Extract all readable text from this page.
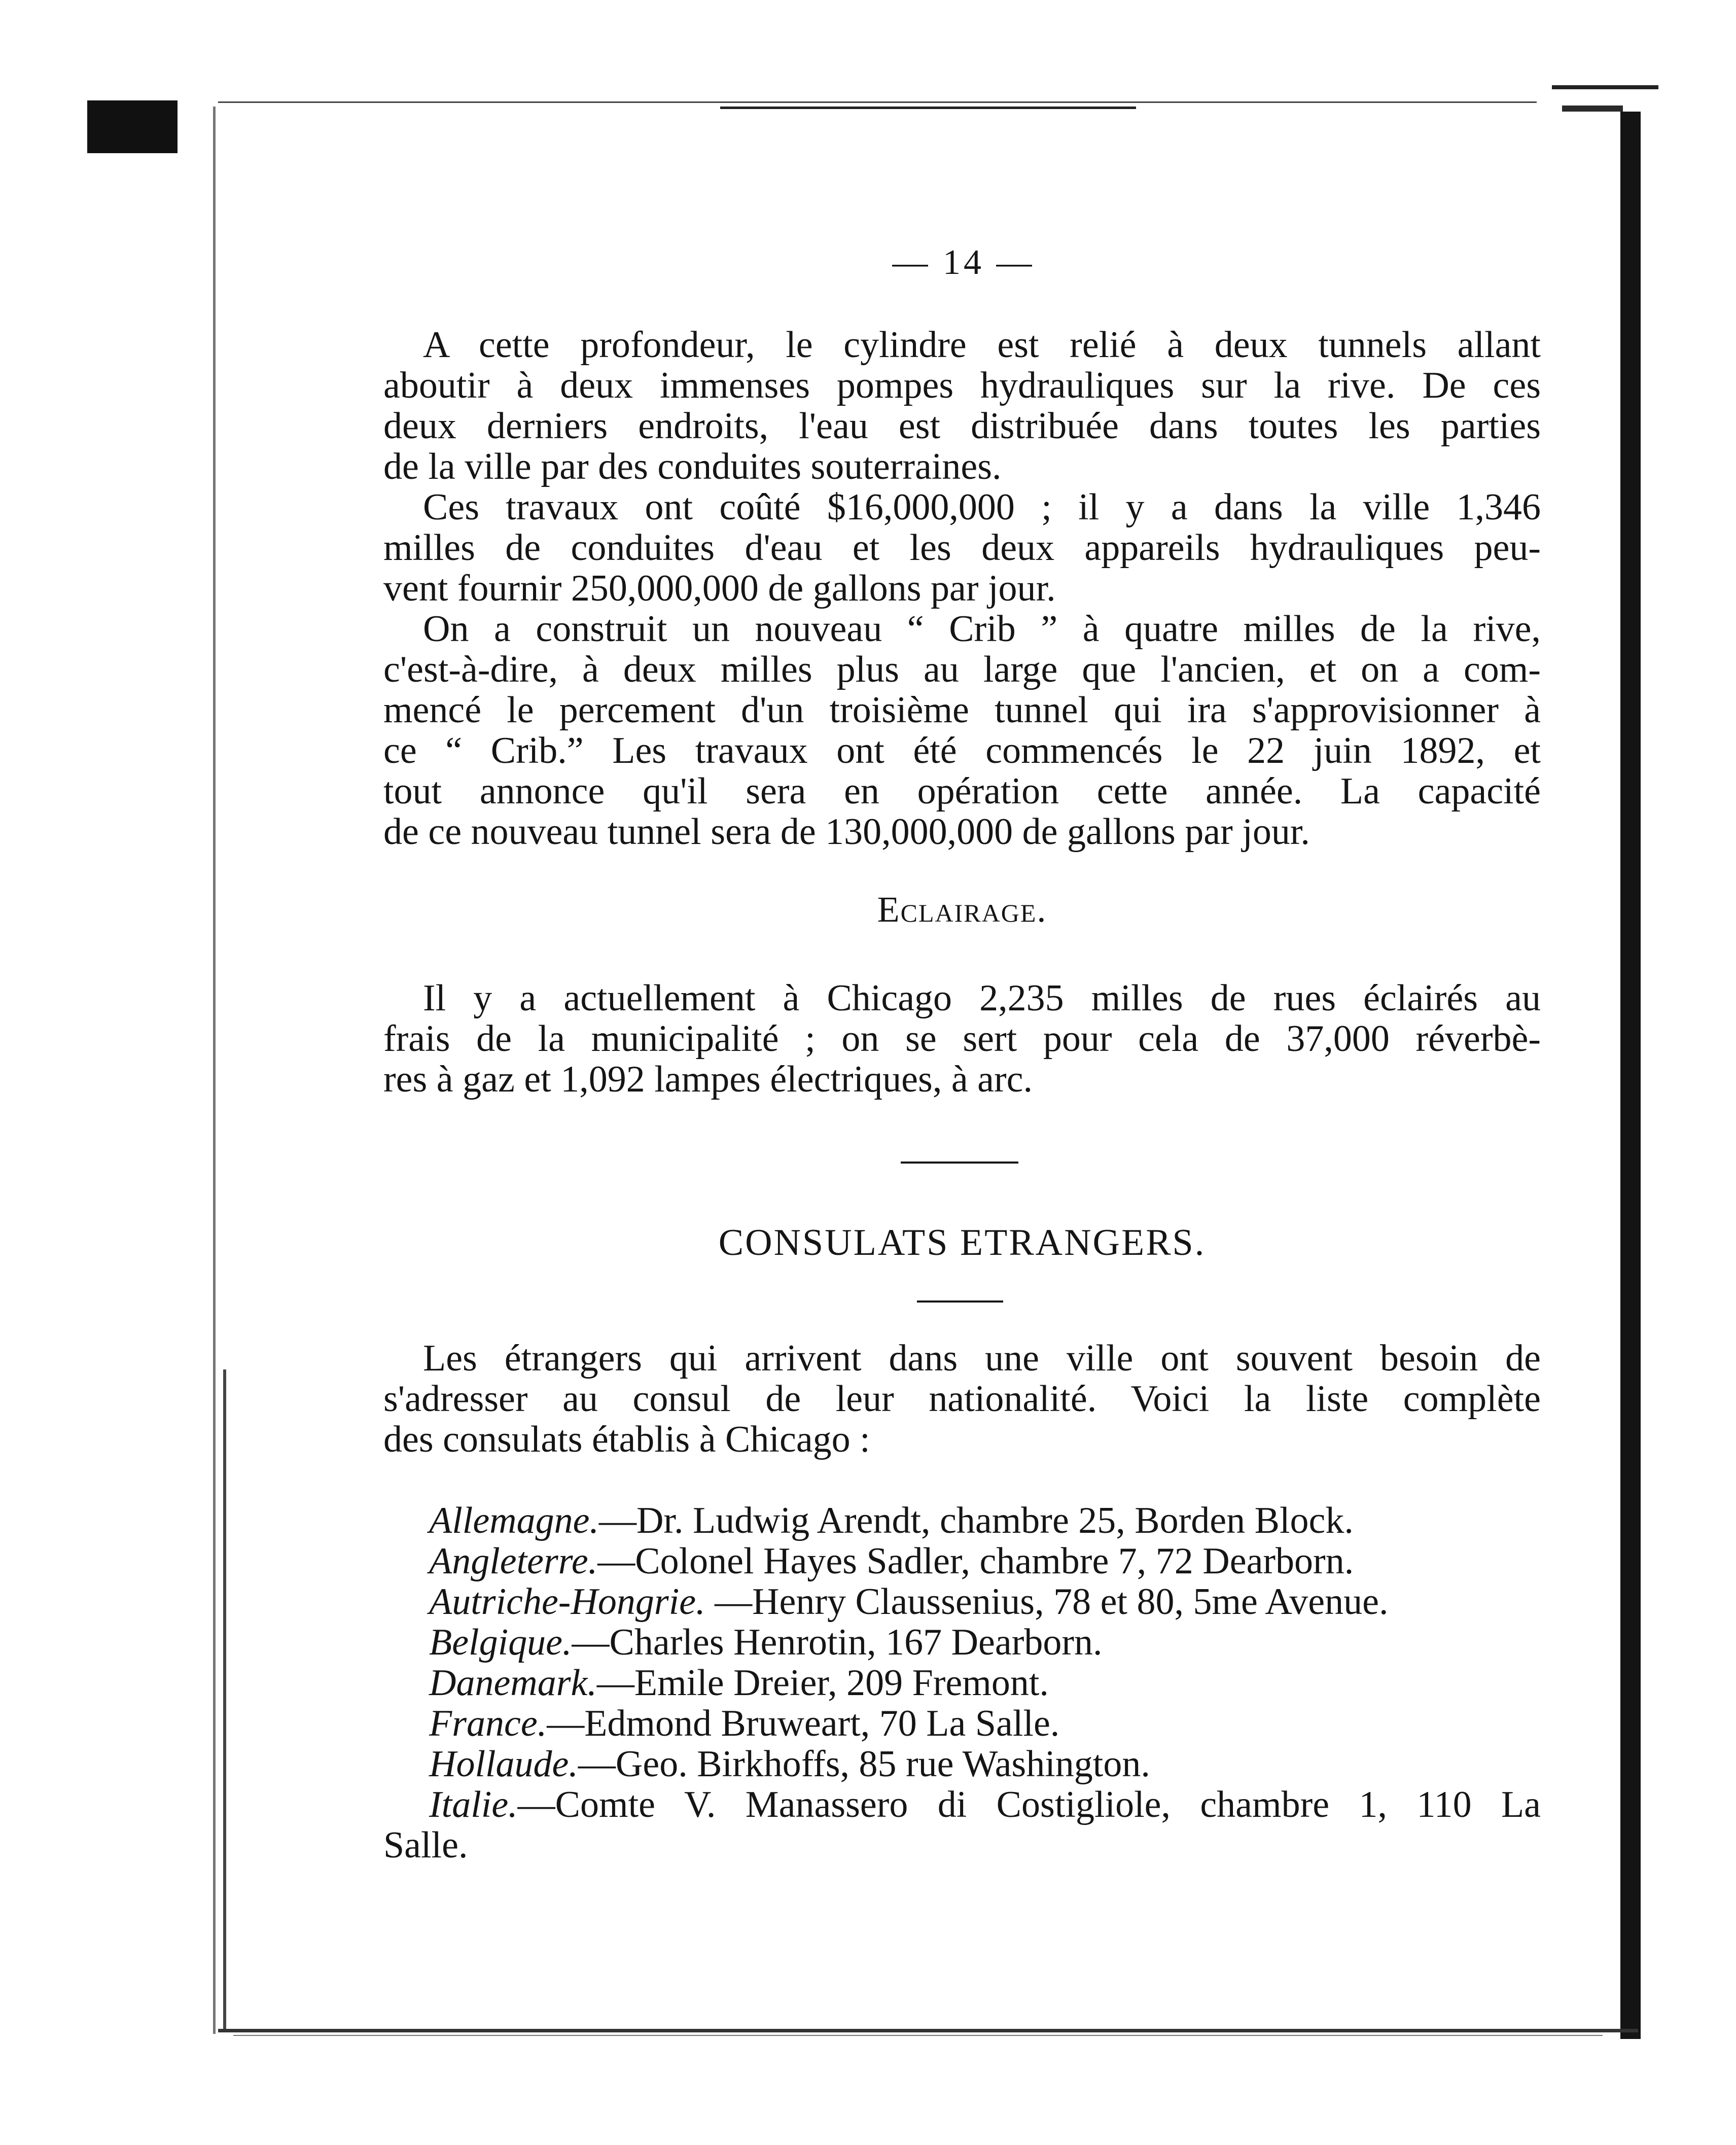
— 14 —
A cette profondeur, le cylindre est relié à deux tunnels allant
aboutir à deux immenses pompes hydrauliques sur la rive. De ces
deux derniers endroits, l'eau est distribuée dans toutes les parties
de la ville par des conduites souterraines.
Ces travaux ont coûté $16,000,000 ; il y a dans la ville 1,346
milles de conduites d'eau et les deux appareils hydrauliques peu-
vent fournir 250,000,000 de gallons par jour.
On a construit un nouveau “ Crib ” à quatre milles de la rive,
c'est-à-dire, à deux milles plus au large que l'ancien, et on a com-
mencé le percement d'un troisième tunnel qui ira s'approvisionner à
ce “ Crib.” Les travaux ont été commencés le 22 juin 1892, et
tout annonce qu'il sera en opération cette année. La capacité
de ce nouveau tunnel sera de 130,000,000 de gallons par jour.
Eclairage.
Il y a actuellement à Chicago 2,235 milles de rues éclairés au
frais de la municipalité ; on se sert pour cela de 37,000 réverbè-
res à gaz et 1,092 lampes électriques, à arc.
CONSULATS ETRANGERS.
Les étrangers qui arrivent dans une ville ont souvent besoin de
s'adresser au consul de leur nationalité. Voici la liste complète
des consulats établis à Chicago :
Allemagne.—Dr. Ludwig Arendt, chambre 25, Borden Block.
Angleterre.—Colonel Hayes Sadler, chambre 7, 72 Dearborn.
Autriche-Hongrie. —Henry Claussenius, 78 et 80, 5me Avenue.
Belgique.—Charles Henrotin, 167 Dearborn.
Danemark.—Emile Dreier, 209 Fremont.
France.—Edmond Bruweart, 70 La Salle.
Hollaude.—Geo. Birkhoffs, 85 rue Washington.
Italie.—Comte V. Manassero di Costigliole, chambre 1, 110 La
Salle.
